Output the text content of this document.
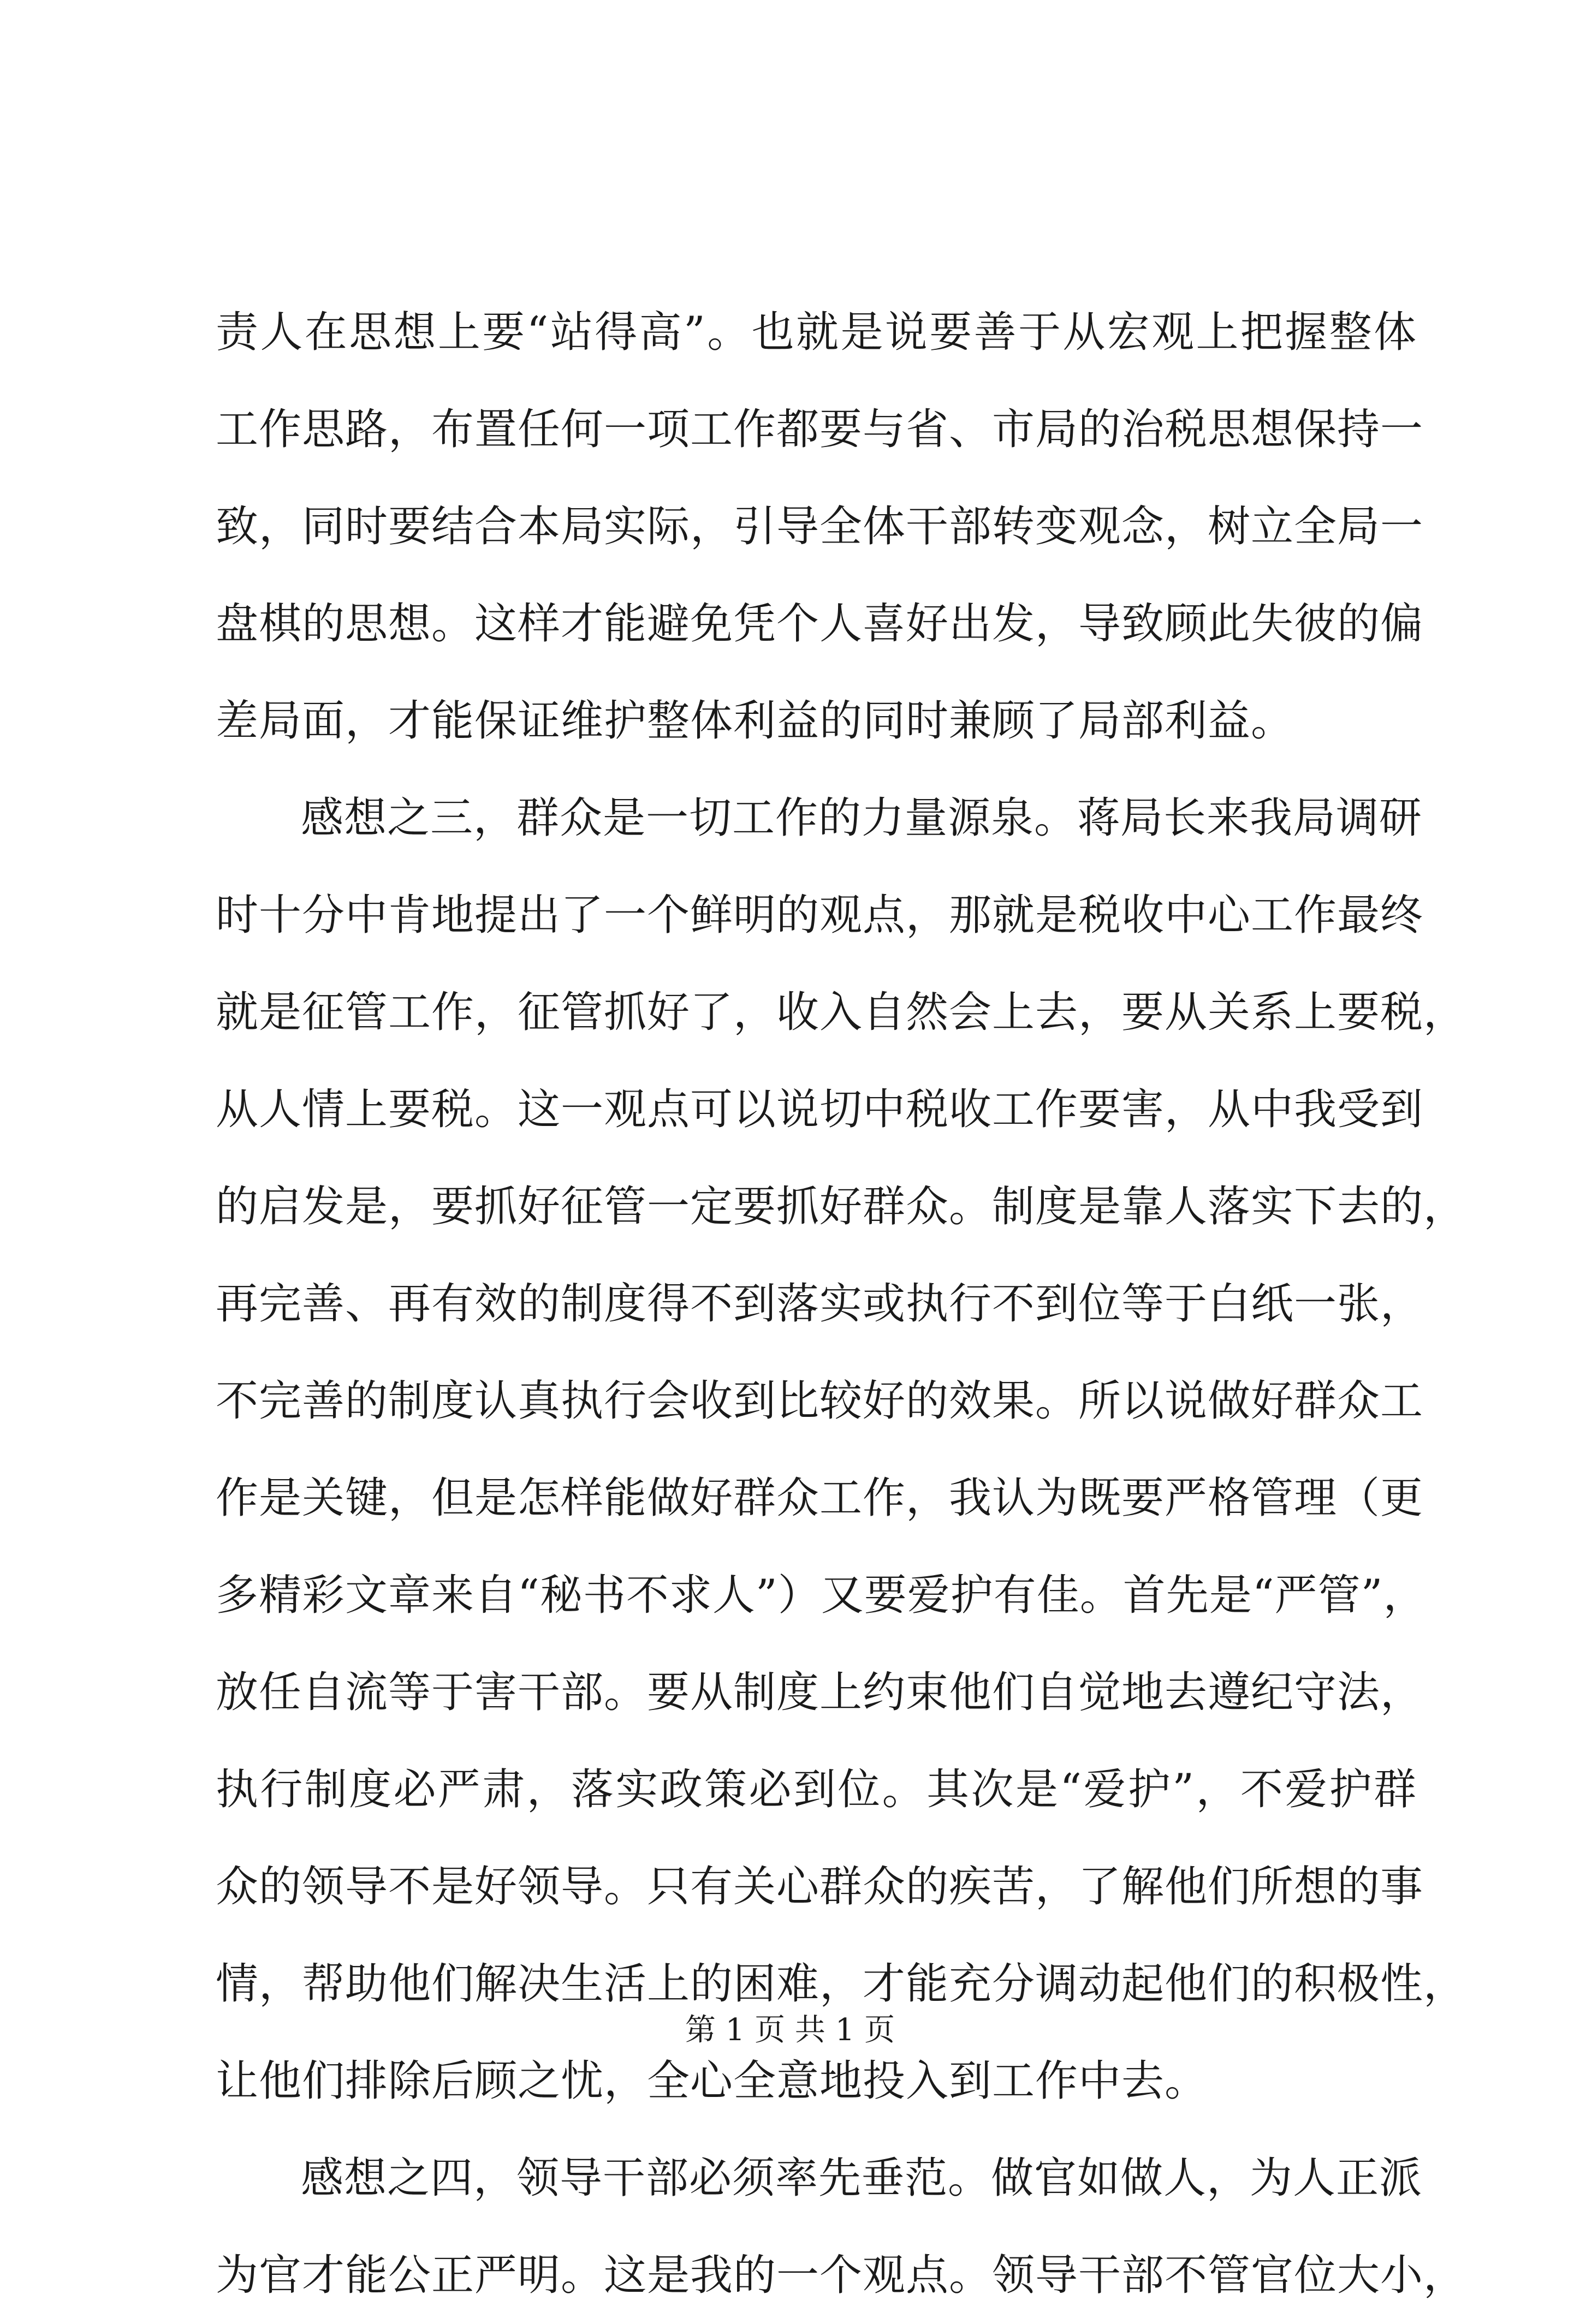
责人在思想上要“站得高”。也就是说要善于从宏观上把握整体
工作思路，布置任何一项工作都要与省、市局的治税思想保持一
致，同时要结合本局实际，引导全体干部转变观念，树立全局一
盘棋的思想。这样才能避免凭个人喜好出发，导致顾此失彼的偏
差局面，才能保证维护整体利益的同时兼顾了局部利益。
感想之三，群众是一切工作的力量源泉。蒋局长来我局调研
时十分中肯地提出了一个鲜明的观点，那就是税收中心工作最终
就是征管工作，征管抓好了，收入自然会上去，要从关系上要税，
从人情上要税。这一观点可以说切中税收工作要害，从中我受到
的启发是，要抓好征管一定要抓好群众。制度是靠人落实下去的，
再完善、再有效的制度得不到落实或执行不到位等于白纸一张，
不完善的制度认真执行会收到比较好的效果。所以说做好群众工
作是关键，但是怎样能做好群众工作，我认为既要严格管理（更
多精彩文章来自“秘书不求人”）又要爱护有佳。首先是“严管”，
放任自流等于害干部。要从制度上约束他们自觉地去遵纪守法，
执行制度必严肃，落实政策必到位。其次是“爱护”，不爱护群
众的领导不是好领导。只有关心群众的疾苦，了解他们所想的事
情，帮助他们解决生活上的困难，才能充分调动起他们的积极性，
让他们排除后顾之忧，全心全意地投入到工作中去。
感想之四，领导干部必须率先垂范。做官如做人，为人正派
为官才能公正严明。这是我的一个观点。领导干部不管官位大小，
第 1 页 共 1 页
